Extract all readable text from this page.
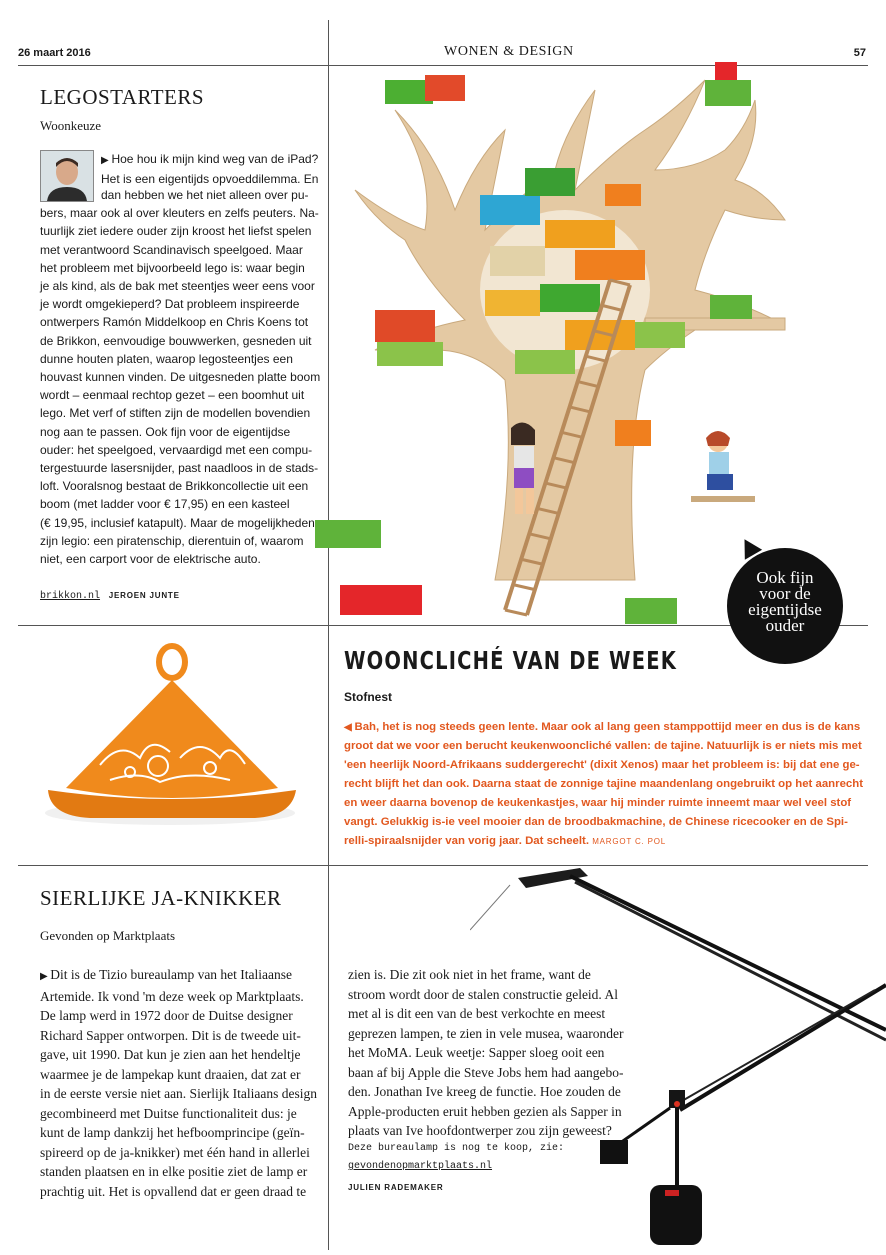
26 maart 2016	WONEN & DESIGN	57
LEGOSTARTERS
Woonkeuze
▶ Hoe hou ik mijn kind weg van de iPad?
Het is een eigentijds opvoeddilemma. En
dan hebben we het niet alleen over pu-
bers, maar ook al over kleuters en zelfs peuters. Na-
tuurlijk ziet iedere ouder zijn kroost het liefst spelen
met verantwoord Scandinavisch speelgoed. Maar
het probleem met bijvoorbeeld lego is: waar begin
je als kind, als de bak met steentjes weer eens voor
je wordt omgekieperd? Dat probleem inspireerde
ontwerpers Ramón Middelkoop en Chris Koens tot
de Brikkon, eenvoudige bouwwerken, gesneden uit
dunne houten platen, waarop legosteentjes een
houvast kunnen vinden. De uitgesneden platte boom
wordt – eenmaal rechtop gezet – een boomhut uit
lego. Met verf of stiften zijn de modellen bovendien
nog aan te passen. Ook fijn voor de eigentijdse
ouder: het speelgoed, vervaardigd met een compu-
tergestuurde lasersnijder, past naadloos in de stads-
loft. Vooralsnog bestaat de Brikkoncollectie uit een
boom (met ladder voor € 17,95) en een kasteel
(€ 19,95, inclusief katapult). Maar de mogelijkheden
zijn legio: een piratenschip, dierentuin of, waarom
niet, een carport voor de elektrische auto.
brikkon.nl JEROEN JUNTE
Ook fijn
voor de
eigentijdse
ouder
WOONCLICHÉ VAN DE WEEK
Stofnest
◀ Bah, het is nog steeds geen lente. Maar ook al lang geen stamppottijd meer en dus is de kans
groot dat we voor een berucht keukenwooncliché vallen: de tajine. Natuurlijk is er niets mis met
'een heerlijk Noord-Afrikaans suddergerecht' (dixit Xenos) maar het probleem is: bij dat ene ge-
recht blijft het dan ook. Daarna staat de zonnige tajine maandenlang ongebruikt op het aanrecht
en weer daarna bovenop de keukenkastjes, waar hij minder ruimte inneemt maar wel veel stof
vangt. Gelukkig is-ie veel mooier dan de broodbakmachine, de Chinese ricecooker en de Spi-
relli-spiraalsnijder van vorig jaar. Dat scheelt. MARGOT C. POL
SIERLIJKE JA-KNIKKER
Gevonden op Marktplaats
▶ Dit is de Tizio bureaulamp van het Italiaanse
Artemide. Ik vond 'm deze week op Marktplaats.
De lamp werd in 1972 door de Duitse designer
Richard Sapper ontworpen. Dit is de tweede uit-
gave, uit 1990. Dat kun je zien aan het hendeltje
waarmee je de lampekap kunt draaien, dat zat er
in de eerste versie niet aan. Sierlijk Italiaans design
gecombineerd met Duitse functionaliteit dus: je
kunt de lamp dankzij het hefboomprincipe (geïn-
spireerd op de ja-knikker) met één hand in allerlei
standen plaatsen en in elke positie ziet de lamp er
prachtig uit. Het is opvallend dat er geen draad te
zien is. Die zit ook niet in het frame, want de
stroom wordt door de stalen constructie geleid. Al
met al is dit een van de best verkochte en meest
geprezen lampen, te zien in vele musea, waaronder
het MoMA. Leuk weetje: Sapper sloeg ooit een
baan af bij Apple die Steve Jobs hem had aangebo-
den. Jonathan Ive kreeg de functie. Hoe zouden de
Apple-producten eruit hebben gezien als Sapper in
plaats van Ive hoofdontwerper zou zijn geweest?
Deze bureaulamp is nog te koop, zie:
gevondenopmarktplaats.nl
JULIEN RADEMAKER
